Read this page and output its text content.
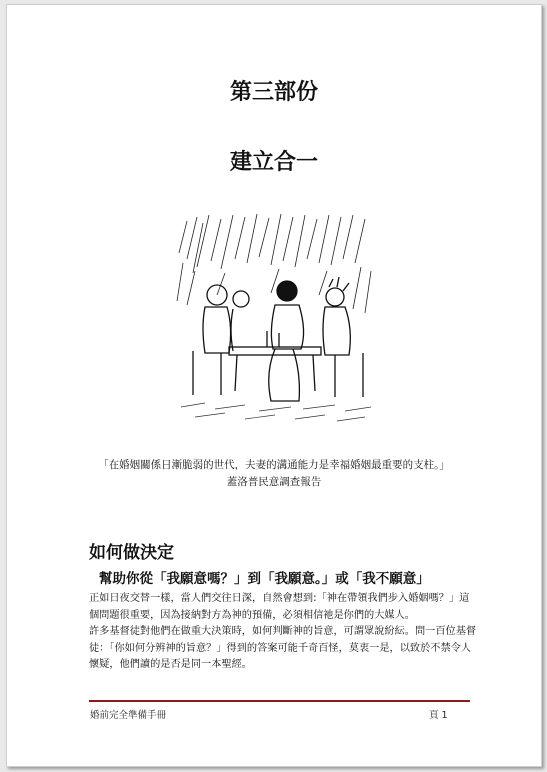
第三部份
建立合一
「在婚姻關係日漸脆弱的世代，夫妻的溝通能力是幸福婚姻最重要的支柱。」
蓋洛普民意調查報告
如何做決定
幫助你從「我願意嗎？」到「我願意。」或「我不願意」

正如日夜交替一樣，當人們交往日深，自然會想到:「神在帶領我們步入婚姻嗎？」這個問題很重要，因為接納對方為神的預備，必須相信祂是你們的大媒人。

許多基督徒對他們在做重大決策時，如何判斷神的旨意，可謂眾說紛紜。問一百位基督徒：「你如何分辨神的旨意？」得到的答案可能千奇百怪，莫衷一是，以致於不禁令人懷疑，他們讀的是否是同一本聖經。

婚前完全準備手冊	頁 1
